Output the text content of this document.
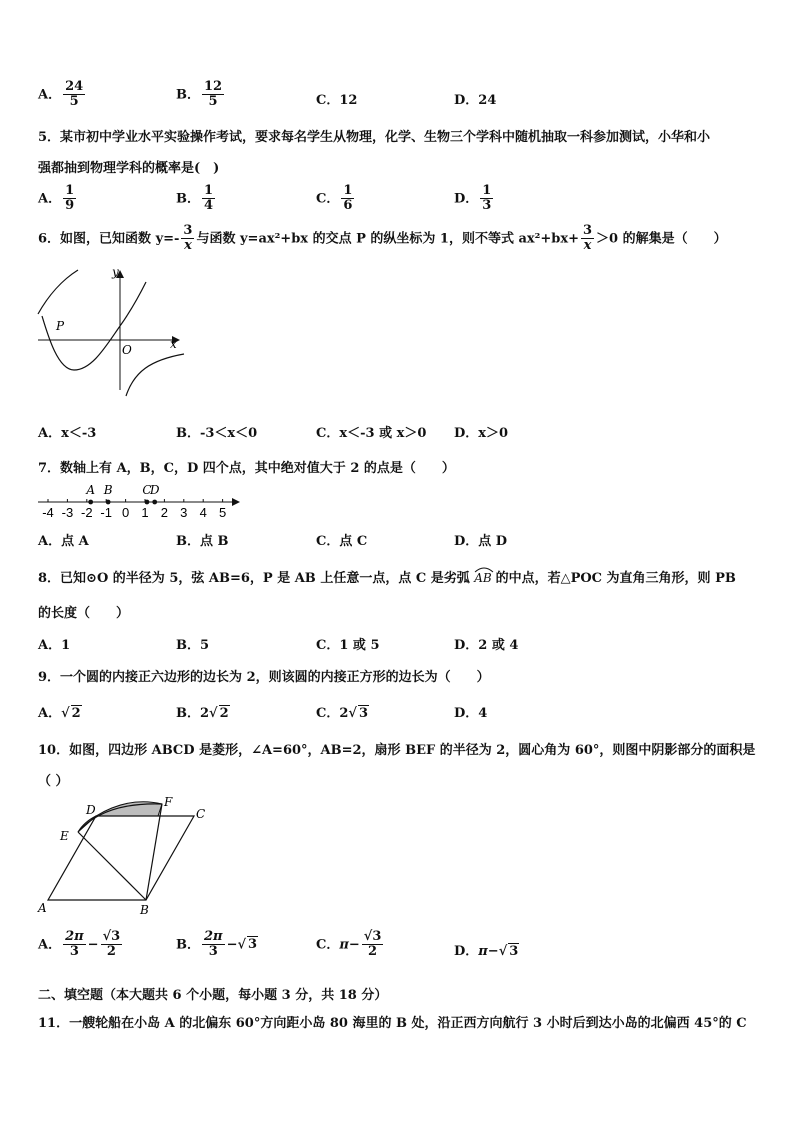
A． $\frac{24}{5}$	B． $\frac{12}{5}$	C．12	D．24
5．某市初中学业水平实验操作考试，要求每名学生从物理，化学、生物三个学科中随机抽取一科参加测试，小华和小
强都抽到物理学科的概率是(　)
A． $\frac{1}{9}$	B． $\frac{1}{4}$	C． $\frac{1}{6}$	D． $\frac{1}{3}$
6．如图，已知函数 $y=- \frac{3}{x}$ 与函数 y=ax²+bx 的交点 P 的纵坐标为 1，则不等式 $ax^2+bx+ \frac{3}{x} >0$ 的解集是（　　）
y
x
P
O
A．x＜-3	B．-3＜x＜0	C．x＜-3 或 x＞0 D．x＞0
7．数轴上有 A，B，C，D 四个点，其中绝对值大于 2 的点是（　　）
-4 -3 -2 -1 0 1 2 3 4 5
A B C
D
A．点 A	B．点 B	C．点 C	D．点 D
8．已知⊙O 的半径为 5，弦 AB=6，P 是 AB 上任意一点，点 C 是劣弧 AB 的中点，若△POC 为直角三角形，则 PB
的长度（　　）
A．1	B．5	C．1 或 5	D．2 或 4
9．一个圆的内接正六边形的边长为 2，则该圆的内接正方形的边长为（　　）
A．√ 2	B．2√ 2	C．2√ 3	D．4
10．如图，四边形 ABCD 是菱形，∠A=60°，AB=2，扇形 BEF 的半径为 2，圆心角为 60°，则图中阴影部分的面积是
（ ）
D
F
C
E
A	B
A． $\frac{2\pi}{3} - \frac{√3}{2}$	B． $\frac{2\pi}{3}$ −√ 3	C．$\pi- \frac{√3}{2}$	D．π−√ 3
二、填空题（本大题共 6 个小题，每小题 3 分，共 18 分）
11．一艘轮船在小岛 A 的北偏东 60°方向距小岛 80 海里的 B 处，沿正西方向航行 3 小时后到达小岛的北偏西 45°的 C
